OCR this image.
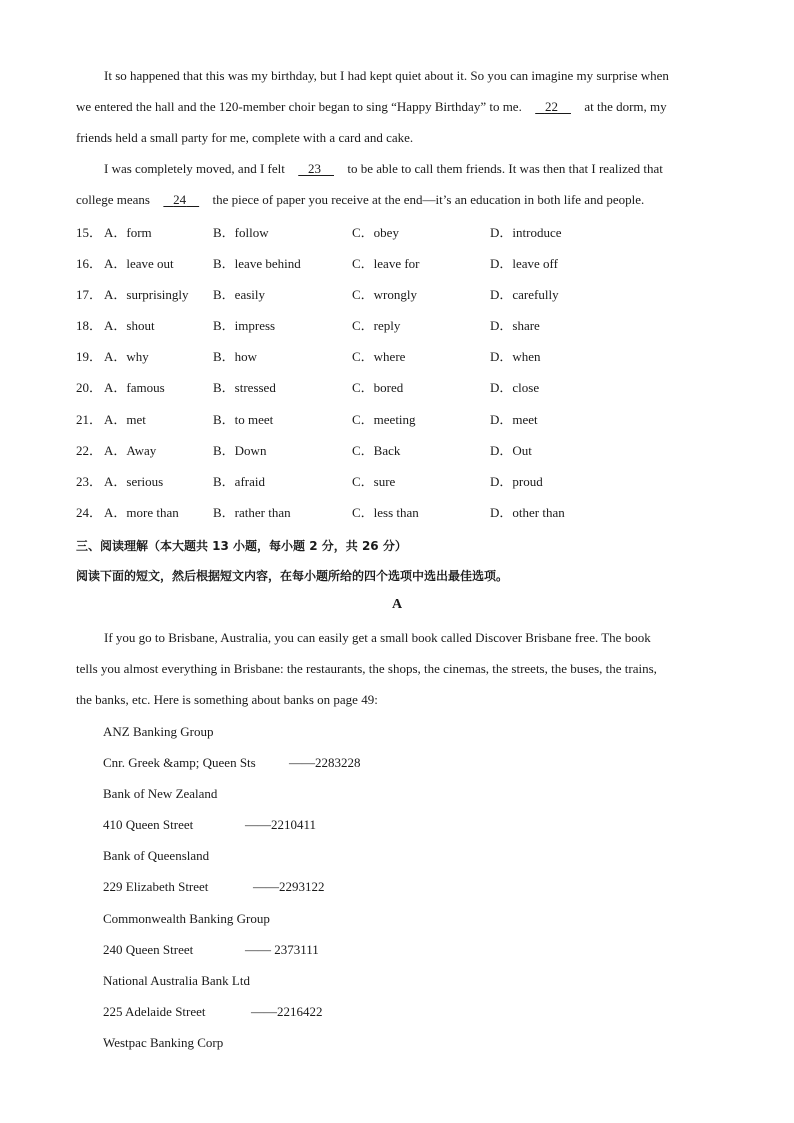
It so happened that this was my birthday, but I had kept quiet about it. So you can imagine my surprise when
we entered the hall and the 120-member choir began to sing “Happy Birthday” to me. 22 at the dorm, my
friends held a small party for me, complete with a card and cake.

I was completely moved, and I felt 23 to be able to call them friends. It was then that I realized that
college means 24 the piece of paper you receive at the end—it’s an education in both life and people.

15． A．form	B．follow	C．obey	D．introduce
16． A．leave out	B．leave behind	C．leave for	D．leave off
17． A．surprisingly B．easily	C．wrongly	D．carefully
18． A．shout	B．impress	C．reply	D．share
19． A．why	B．how	C．where	D．when
20． A．famous	B．stressed	C．bored	D．close
21． A．met	B．to meet	C．meeting	D．meet
22． A．Away	B．Down	C．Back	D．Out
23． A．serious	B．afraid	C．sure	D．proud
24． A．more than	B．rather than	C．less than	D．other than

三、阅读理解（本大题共 13 小题，每小题 2 分，共 26 分）

阅读下面的短文，然后根据短文内容，在每小题所给的四个选项中选出最佳选项。

A

If you go to Brisbane, Australia, you can easily get a small book called Discover Brisbane free. The book
tells you almost everything in Brisbane: the restaurants, the shops, the cinemas, the streets, the buses, the trains,
the banks, etc. Here is something about banks on page 49:

ANZ Banking Group
Cnr. Greek &amp; Queen Sts	——2283228
Bank of New Zealand
410 Queen Street	——2210411
Bank of Queensland
229 Elizabeth Street	——2293122
Commonwealth Banking Group
240 Queen Street	—— 2373111
National Australia Bank Ltd
225 Adelaide Street	——2216422
Westpac Banking Corp
